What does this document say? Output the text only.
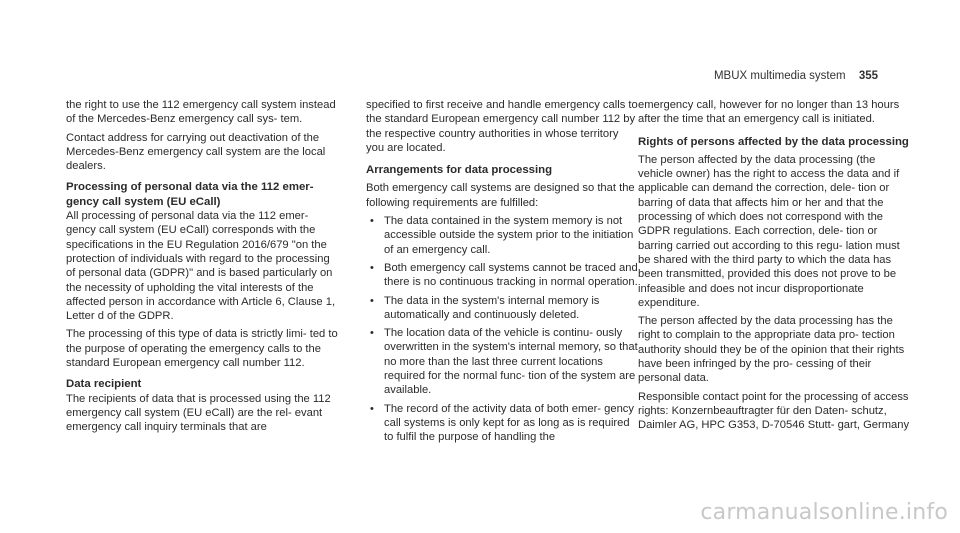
MBUX multimedia system 355

the right to use the 112 emergency call system instead of the Mercedes-Benz emergency call sys- tem.

Contact address for carrying out deactivation of the Mercedes-Benz emergency call system are the local dealers.

Processing of personal data via the 112 emer- gency call system (EU eCall)

All processing of personal data via the 112 emer- gency call system (EU eCall) corresponds with the specifications in the EU Regulation 2016/679 "on the protection of individuals with regard to the processing of personal data (GDPR)" and is based particularly on the necessity of upholding the vital interests of the affected person in accordance with Article 6, Clause 1, Letter d of the GDPR.

The processing of this type of data is strictly limi- ted to the purpose of operating the emergency calls to the standard European emergency call number 112.

Data recipient

The recipients of data that is processed using the 112 emergency call system (EU eCall) are the rel- evant emergency call inquiry terminals that are

specified to first receive and handle emergency calls to the standard European emergency call number 112 by the respective country authorities in whose territory you are located.

Arrangements for data processing

Both emergency call systems are designed so that the following requirements are fulfilled:

• The data contained in the system memory is not accessible outside the system prior to the initiation of an emergency call.
• Both emergency call systems cannot be traced and there is no continuous tracking in normal operation.
• The data in the system's internal memory is automatically and continuously deleted.
• The location data of the vehicle is continu- ously overwritten in the system's internal memory, so that no more than the last three current locations required for the normal func- tion of the system are available.
• The record of the activity data of both emer- gency call systems is only kept for as long as is required to fulfil the purpose of handling the

emergency call, however for no longer than 13 hours after the time that an emergency call is initiated.

Rights of persons affected by the data processing

The person affected by the data processing (the vehicle owner) has the right to access the data and if applicable can demand the correction, dele- tion or barring of data that affects him or her and that the processing of which does not correspond with the GDPR regulations. Each correction, dele- tion or barring carried out according to this regu- lation must be shared with the third party to which the data has been transmitted, provided this does not prove to be infeasible and does not incur disproportionate expenditure.

The person affected by the data processing has the right to complain to the appropriate data pro- tection authority should they be of the opinion that their rights have been infringed by the pro- cessing of their personal data.

Responsible contact point for the processing of access rights: Konzernbeauftragter für den Daten- schutz, Daimler AG, HPC G353, D-70546 Stutt- gart, Germany

carmanualsonline.info
